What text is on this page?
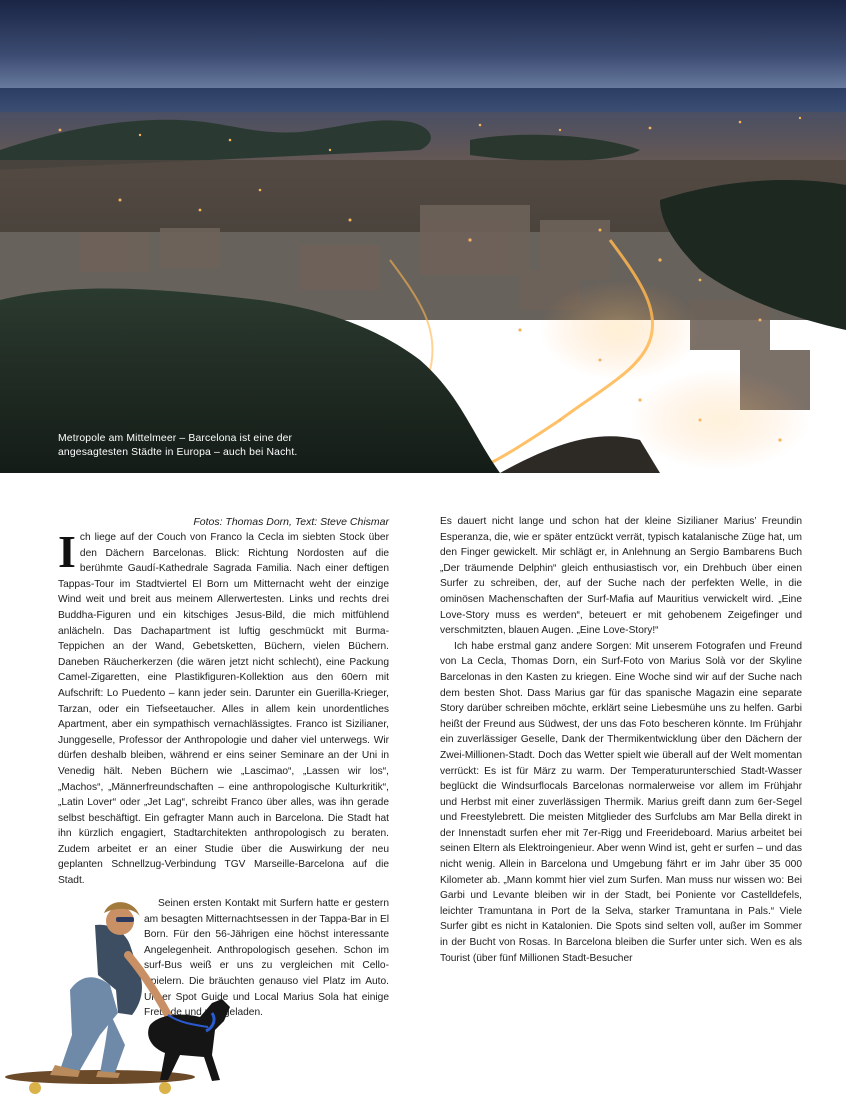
Metropole am Mittelmeer – Barcelona ist eine der
angesagtesten Städte in Europa – auch bei Nacht.
Fotos: Thomas Dorn, Text: Steve Chismar

I ch liege auf der Couch von Franco la Cecla im siebten Stock über den Dächern Barcelonas. Blick: Richtung Nordosten auf die berühmte Gaudí-Kathedrale Sagrada Familia. Nach einer deftigen Tappas-Tour im Stadtviertel El Born um Mitternacht weht der einzige Wind weit und breit aus meinem Allerwertesten. Links und rechts drei Buddha-Figuren und ein kitschiges Jesus-Bild, die mich mitfühlend anlächeln. Das Dachapartment ist luftig geschmückt mit Burma-Teppichen an der Wand, Gebetsketten, Büchern, vielen Büchern. Daneben Räucherkerzen (die wären jetzt nicht schlecht), eine Packung Camel-Zigaretten, eine Plastikfiguren-Kollektion aus den 60ern mit Aufschrift: Lo Puedento – kann jeder sein. Darunter ein Guerilla-Krieger, Tarzan, oder ein Tiefseetaucher. Alles in allem kein unordentliches Apartment, aber ein sympathisch vernachlässigtes. Franco ist Sizilianer, Junggeselle, Professor der Anthropologie und daher viel unterwegs. Wir dürfen deshalb bleiben, während er eins seiner Seminare an der Uni in Venedig hält. Neben Büchern wie „Lascimao“, „Lassen wir los“, „Machos“, „Männerfreundschaften – eine anthropologische Kulturkritik“, „Latin Lover“ oder „Jet Lag“, schreibt Franco über alles, was ihn gerade selbst beschäftigt. Ein gefragter Mann auch in Barcelona. Die Stadt hat ihn kürzlich engagiert, Stadtarchitekten anthropologisch zu beraten. Zudem arbeitet er an einer Studie über die Auswirkung der neu geplanten Schnellzug-Verbindung TGV Marseille-Barcelona auf die Stadt.

Seinen ersten Kontakt mit Surfern hatte er gestern am besagten Mitternachtsessen in der Tappa-Bar in El Born. Für den 56-Jährigen eine höchst interessante Angelegenheit. Anthropologisch gesehen. Schon im surf-Bus weiß er uns zu vergleichen mit Cello-Spielern. Die bräuchten genauso viel Platz im Auto. Unser Spot Guide und Local Marius Sola hat einige Freunde und uns geladen.

Es dauert nicht lange und schon hat der kleine Sizilianer Marius’ Freundin Esperanza, die, wie er später entzückt verrät, typisch katalanische Züge hat, um den Finger gewickelt. Mir schlägt er, in Anlehnung an Sergio Bambarens Buch „Der träumende Delphin“ gleich enthusiastisch vor, ein Drehbuch über einen Surfer zu schreiben, der, auf der Suche nach der perfekten Welle, in die ominösen Machenschaften der Surf-Mafia auf Mauritius verwickelt wird. „Eine Love-Story muss es werden“, beteuert er mit gehobenem Zeigefinger und verschmitzten, blauen Augen. „Eine Love-Story!“

Ich habe erstmal ganz andere Sorgen: Mit unserem Fotografen und Freund von La Cecla, Thomas Dorn, ein Surf-Foto von Marius Solà vor der Skyline Barcelonas in den Kasten zu kriegen. Eine Woche sind wir auf der Suche nach dem besten Shot. Dass Marius gar für das spanische Magazin eine separate Story darüber schreiben möchte, erklärt seine Liebesmühe uns zu helfen. Garbi heißt der Freund aus Südwest, der uns das Foto bescheren könnte. Im Frühjahr ein zuverlässiger Geselle, Dank der Thermikentwicklung über den Dächern der Zwei-Millionen-Stadt. Doch das Wetter spielt wie überall auf der Welt momentan verrückt: Es ist für März zu warm. Der Temperaturunterschied Stadt-Wasser beglückt die Windsurflocals Barcelonas normalerweise vor allem im Frühjahr und Herbst mit einer zuverlässigen Thermik. Marius greift dann zum 6er-Segel und Freestylebrett. Die meisten Mitglieder des Surfclubs am Mar Bella direkt in der Innenstadt surfen eher mit 7er-Rigg und Freerideboard. Marius arbeitet bei seinen Eltern als Elektroingenieur. Aber wenn Wind ist, geht er surfen – und das nicht wenig. Allein in Barcelona und Umgebung fährt er im Jahr über 35 000 Kilometer ab. „Mann kommt hier viel zum Surfen. Man muss nur wissen wo: Bei Garbi und Levante bleiben wir in der Stadt, bei Poniente vor Castelldefels, leichter Tramuntana in Port de la Selva, starker Tramuntana in Pals.“ Viele Surfer gibt es nicht in Katalonien. Die Spots sind selten voll, außer im Sommer in der Bucht von Rosas. In Barcelona bleiben die Surfer unter sich. Wen es als Tourist (über fünf Millionen Stadt-Besucher
